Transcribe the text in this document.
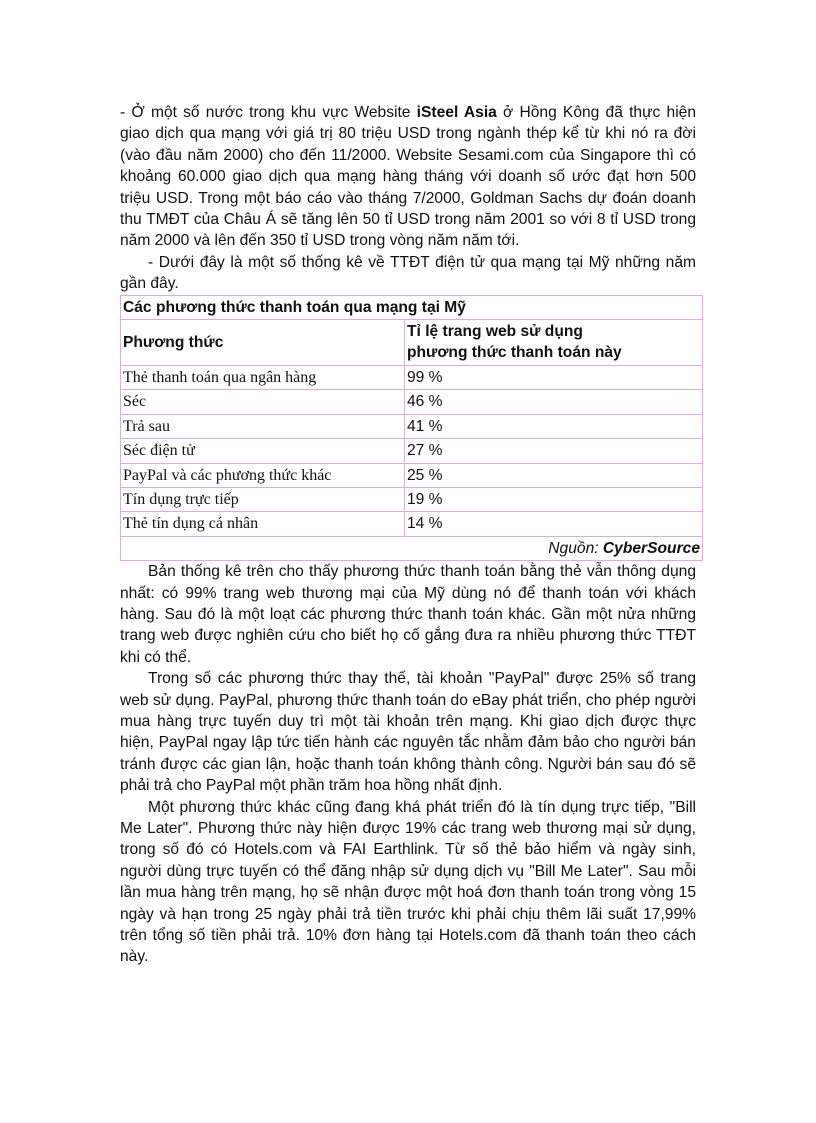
- Ở một số nước trong khu vực Website iSteel Asia ở Hồng Kông đã thực hiện giao dịch qua mạng với giá trị 80 triệu USD trong ngành thép kể từ khi nó ra đời (vào đầu năm 2000) cho đến 11/2000. Website Sesami.com của Singapore thì có khoảng 60.000 giao dịch qua mạng hàng tháng với doanh số ước đạt hơn 500 triệu USD. Trong một báo cáo vào tháng 7/2000, Goldman Sachs dự đoán doanh thu TMĐT của Châu Á sẽ tăng lên 50 tỉ USD trong năm 2001 so với 8 tỉ USD trong năm 2000 và lên đến 350 tỉ USD trong vòng năm năm tới.

- Dưới đây là một số thống kê về TTĐT điện tử qua mạng tại Mỹ những năm gần đây.

Các phương thức thanh toán qua mạng tại Mỹ	
Phương thức	Tỉ lệ trang web sử dụng
phương thức thanh toán này
Thẻ thanh toán qua ngân hàng	99 %
Séc	46 %
Trả sau	41 %
Séc điện tử	27 %
PayPal và các phương thức khác	25 %
Tín dụng trực tiếp	19 %
Thẻ tín dụng cá nhân	14 %
Nguồn: CyberSource	

Bản thống kê trên cho thấy phương thức thanh toán bằng thẻ vẫn thông dụng nhất: có 99% trang web thương mại của Mỹ dùng nó để thanh toán với khách hàng. Sau đó là một loạt các phương thức thanh toán khác. Gần một nửa những trang web được nghiên cứu cho biết họ cố gắng đưa ra nhiều phương thức TTĐT khi có thể.

Trong số các phương thức thay thế, tài khoản "PayPal" được 25% số trang web sử dụng. PayPal, phương thức thanh toán do eBay phát triển, cho phép người mua hàng trực tuyến duy trì một tài khoản trên mạng. Khi giao dịch được thực hiện, PayPal ngay lập tức tiến hành các nguyên tắc nhằm đảm bảo cho người bán tránh được các gian lận, hoặc thanh toán không thành công. Người bán sau đó sẽ phải trả cho PayPal một phần trăm hoa hồng nhất định.

Một phương thức khác cũng đang khá phát triển đó là tín dụng trực tiếp, "Bill Me Later". Phương thức này hiện được 19% các trang web thương mại sử dụng, trong số đó có Hotels.com và FAI Earthlink. Từ số thẻ bảo hiểm và ngày sinh, người dùng trực tuyến có thể đăng nhập sử dụng dịch vụ "Bill Me Later". Sau mỗi lần mua hàng trên mạng, họ sẽ nhận được một hoá đơn thanh toán trong vòng 15 ngày và hạn trong 25 ngày phải trả tiền trước khi phải chịu thêm lãi suất 17,99% trên tổng số tiền phải trả. 10% đơn hàng tại Hotels.com đã thanh toán theo cách này.
